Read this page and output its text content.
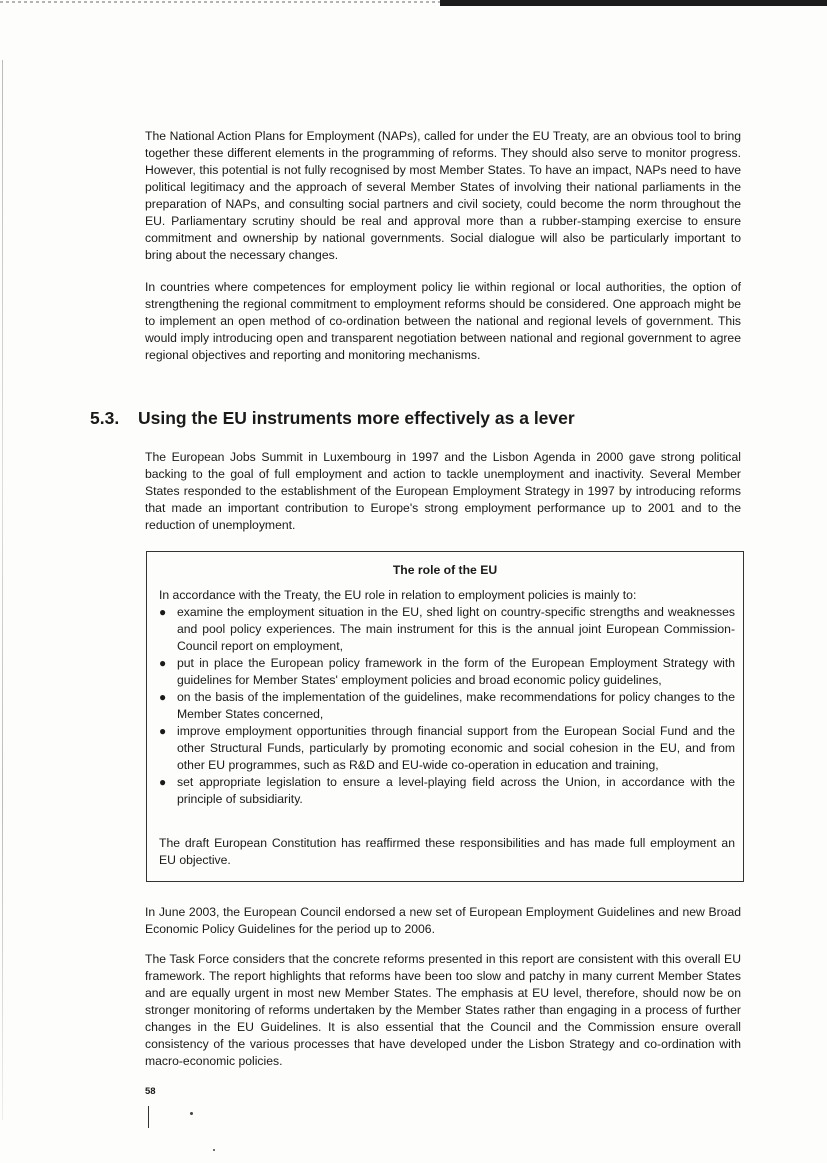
The National Action Plans for Employment (NAPs), called for under the EU Treaty, are an obvious tool to bring together these different elements in the programming of reforms. They should also serve to monitor progress. However, this potential is not fully recognised by most Member States. To have an impact, NAPs need to have political legitimacy and the approach of several Member States of involving their national parliaments in the preparation of NAPs, and consulting social partners and civil society, could become the norm throughout the EU. Parliamentary scrutiny should be real and approval more than a rubber-stamping exercise to ensure commitment and ownership by national governments. Social dialogue will also be particularly important to bring about the necessary changes.

In countries where competences for employment policy lie within regional or local authorities, the option of strengthening the regional commitment to employment reforms should be considered. One approach might be to implement an open method of co-ordination between the national and regional levels of government. This would imply introducing open and transparent negotiation between national and regional government to agree regional objectives and reporting and monitoring mechanisms.

5.3. Using the EU instruments more effectively as a lever

The European Jobs Summit in Luxembourg in 1997 and the Lisbon Agenda in 2000 gave strong political backing to the goal of full employment and action to tackle unemployment and inactivity. Several Member States responded to the establishment of the European Employment Strategy in 1997 by introducing reforms that made an important contribution to Europe's strong employment performance up to 2001 and to the reduction of unemployment.

The role of the EU

In accordance with the Treaty, the EU role in relation to employment policies is mainly to:

● examine the employment situation in the EU, shed light on country-specific strengths and weaknesses and pool policy experiences. The main instrument for this is the annual joint European Commission-Council report on employment,
● put in place the European policy framework in the form of the European Employment Strategy with guidelines for Member States' employment policies and broad economic policy guidelines,
● on the basis of the implementation of the guidelines, make recommendations for policy changes to the Member States concerned,
● improve employment opportunities through financial support from the European Social Fund and the other Structural Funds, particularly by promoting economic and social cohesion in the EU, and from other EU programmes, such as R&D and EU-wide co-operation in education and training,
● set appropriate legislation to ensure a level-playing field across the Union, in accordance with the principle of subsidiarity.

The draft European Constitution has reaffirmed these responsibilities and has made full employment an EU objective.

In June 2003, the European Council endorsed a new set of European Employment Guidelines and new Broad Economic Policy Guidelines for the period up to 2006.

The Task Force considers that the concrete reforms presented in this report are consistent with this overall EU framework. The report highlights that reforms have been too slow and patchy in many current Member States and are equally urgent in most new Member States. The emphasis at EU level, therefore, should now be on stronger monitoring of reforms undertaken by the Member States rather than engaging in a process of further changes in the EU Guidelines. It is also essential that the Council and the Commission ensure overall consistency of the various processes that have developed under the Lisbon Strategy and co-ordination with macro-economic policies.

58
